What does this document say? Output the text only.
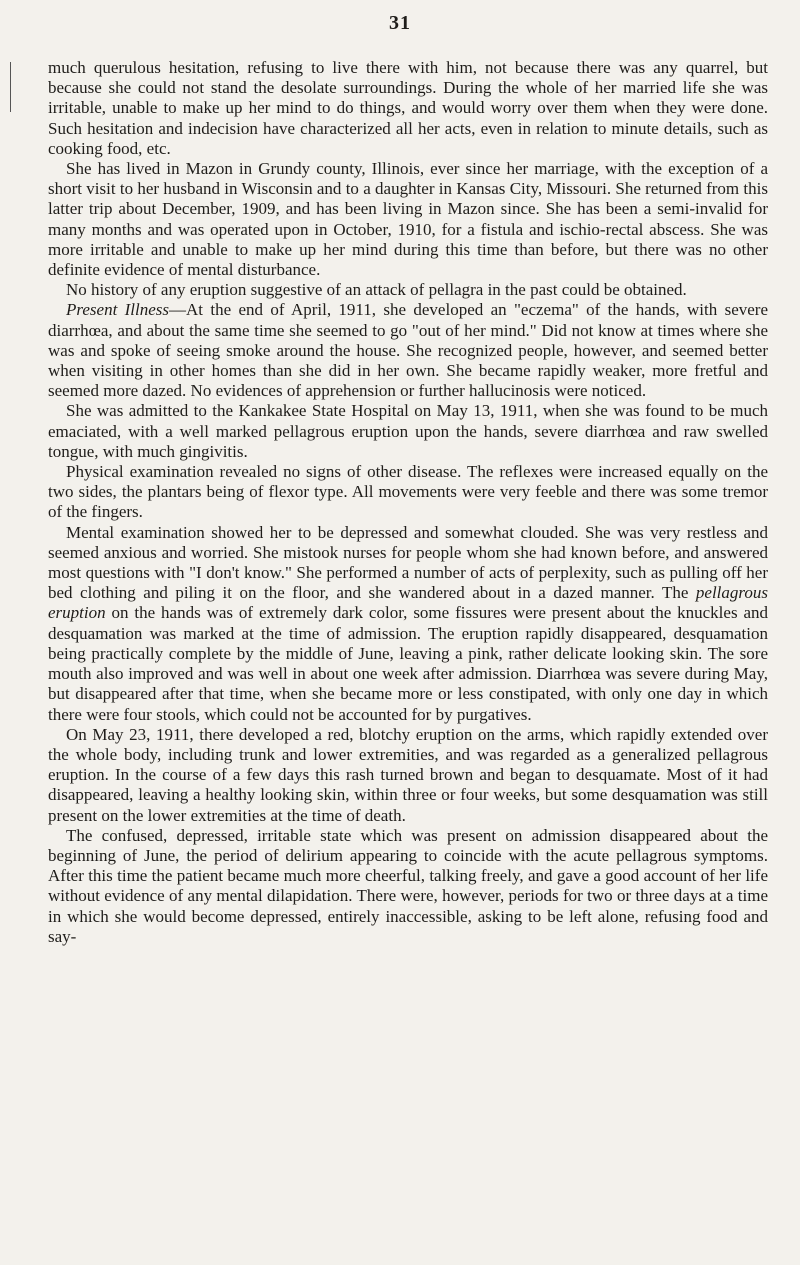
31

much querulous hesitation, refusing to live there with him, not because there was any quarrel, but because she could not stand the desolate surroundings. During the whole of her married life she was irritable, unable to make up her mind to do things, and would worry over them when they were done. Such hesitation and indecision have characterized all her acts, even in relation to minute details, such as cooking food, etc.

She has lived in Mazon in Grundy county, Illinois, ever since her marriage, with the exception of a short visit to her husband in Wisconsin and to a daughter in Kansas City, Missouri. She returned from this latter trip about December, 1909, and has been living in Mazon since. She has been a semi-invalid for many months and was operated upon in October, 1910, for a fistula and ischio-rectal abscess. She was more irritable and unable to make up her mind during this time than before, but there was no other definite evidence of mental disturbance.

No history of any eruption suggestive of an attack of pellagra in the past could be obtained.

Present Illness—At the end of April, 1911, she developed an "eczema" of the hands, with severe diarrhœa, and about the same time she seemed to go "out of her mind." Did not know at times where she was and spoke of seeing smoke around the house. She recognized people, however, and seemed better when visiting in other homes than she did in her own. She became rapidly weaker, more fretful and seemed more dazed. No evidences of apprehension or further hallucinosis were noticed.

She was admitted to the Kankakee State Hospital on May 13, 1911, when she was found to be much emaciated, with a well marked pellagrous eruption upon the hands, severe diarrhœa and raw swelled tongue, with much gingivitis.

Physical examination revealed no signs of other disease. The reflexes were increased equally on the two sides, the plantars being of flexor type. All movements were very feeble and there was some tremor of the fingers.

Mental examination showed her to be depressed and somewhat clouded. She was very restless and seemed anxious and worried. She mistook nurses for people whom she had known before, and answered most questions with "I don't know." She performed a number of acts of perplexity, such as pulling off her bed clothing and piling it on the floor, and she wandered about in a dazed manner. The pellagrous eruption on the hands was of extremely dark color, some fissures were present about the knuckles and desquamation was marked at the time of admission. The eruption rapidly disappeared, desquamation being practically complete by the middle of June, leaving a pink, rather delicate looking skin. The sore mouth also improved and was well in about one week after admission. Diarrhœa was severe during May, but disappeared after that time, when she became more or less constipated, with only one day in which there were four stools, which could not be accounted for by purgatives.

On May 23, 1911, there developed a red, blotchy eruption on the arms, which rapidly extended over the whole body, including trunk and lower extremities, and was regarded as a generalized pellagrous eruption. In the course of a few days this rash turned brown and began to desquamate. Most of it had disappeared, leaving a healthy looking skin, within three or four weeks, but some desquamation was still present on the lower extremities at the time of death.

The confused, depressed, irritable state which was present on admission disappeared about the beginning of June, the period of delirium appearing to coincide with the acute pellagrous symptoms. After this time the patient became much more cheerful, talking freely, and gave a good account of her life without evidence of any mental dilapidation. There were, however, periods for two or three days at a time in which she would become depressed, entirely inaccessible, asking to be left alone, refusing food and say-
